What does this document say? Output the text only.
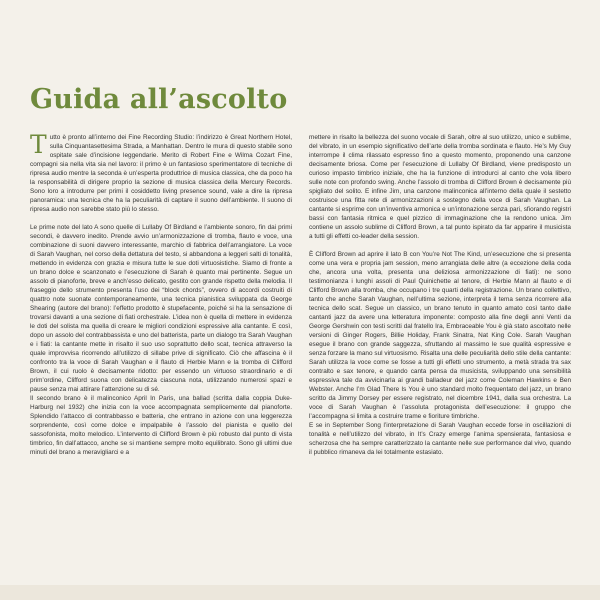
Guida all’ascolto

Tutto è pronto all’interno dei Fine Recording Studio: l’indirizzo è Great Northern Hotel, sulla Cinquantasettesima Strada, a Manhattan. Dentro le mura di questo stabile sono ospitate sale d’incisione leggendarie. Merito di Robert Fine e Wilma Cozart Fine, compagni sia nella vita sia nel lavoro: il primo è un fantasioso sperimentatore di tecniche di ripresa audio mentre la seconda è un’esperta produttrice di musica classica, che da poco ha la responsabilità di dirigere proprio la sezione di musica classica della Mercury Records. Sono loro a introdurre per primi il cosiddetto living presence sound, vale a dire la ripresa panoramica: una tecnica che ha la peculiarità di captare il suono dell’ambiente. Il suono di ripresa audio non sarebbe stato più lo stesso.

Le prime note del lato A sono quelle di Lullaby Of Birdland e l’ambiente sonoro, fin dai primi secondi, è davvero inedito. Prende avvio un’armonizzazione di tromba, flauto e voce, una combinazione di suoni davvero interessante, marchio di fabbrica dell’arrangiatore. La voce di Sarah Vaughan, nel corso della dettatura del testo, si abbandona a leggeri salti di tonalità, mettendo in evidenza con grazia e misura tutte le sue doti virtuosistiche. Siamo di fronte a un brano dolce e scanzonato e l’esecuzione di Sarah è quanto mai pertinente. Segue un assolo di pianoforte, breve e anch’esso delicato, gestito con grande rispetto della melodia. Il fraseggio dello strumento presenta l’uso dei “block chords”, ovvero di accordi costruiti di quattro note suonate contemporaneamente, una tecnica pianistica sviluppata da George Shearing (autore del brano): l’effetto prodotto è stupefacente, poiché si ha la sensazione di trovarsi davanti a una sezione di fiati orchestrale. L’idea non è quella di mettere in evidenza le doti del solista ma quella di creare le migliori condizioni espressive alla cantante. E così, dopo un assolo del contrabbassista e uno del batterista, parte un dialogo tra Sarah Vaughan e i fiati: la cantante mette in risalto il suo uso soprattutto dello scat, tecnica attraverso la quale improvvisa ricorrendo all’utilizzo di sillabe prive di significato. Ciò che affascina è il confronto tra la voce di Sarah Vaughan e il flauto di Herbie Mann e la tromba di Clifford Brown, il cui ruolo è decisamente ridotto: per essendo un virtuoso straordinario e di prim’ordine, Clifford suona con delicatezza ciascuna nota, utilizzando numerosi spazi e pause senza mai attirare l’attenzione su di sé.

Il secondo brano è il malinconico April In Paris, una ballad (scritta dalla coppia Duke-Harburg nel 1932) che inizia con la voce accompagnata semplicemente dal pianoforte. Splendido l’attacco di contrabbasso e batteria, che entrano in azione con una leggerezza sorprendente, così come dolce e impalpabile è l’assolo del pianista e quello del sassofonista, molto melodico. L’intervento di Clifford Brown è più robusto dal punto di vista timbrico, fin dall’attacco, anche se si mantiene sempre molto equilibrato. Sono gli ultimi due minuti del brano a meravigliarci e a

mettere in risalto la bellezza del suono vocale di Sarah, oltre al suo utilizzo, unico e sublime, del vibrato, in un esempio significativo dell’arte della tromba sordinata e flauto. He’s My Guy interrompe il clima rilassato espresso fino a questo momento, proponendo una canzone decisamente briosa. Come per l’esecuzione di Lullaby Of Birdland, viene predisposto un curioso impasto timbrico iniziale, che ha la funzione di introdurci al canto che vola libero sulle note con profondo swing. Anche l’assolo di tromba di Clifford Brown è decisamente più spigliato del solito. E infine Jim, una canzone malinconica all’interno della quale il sestetto costruisce una fitta rete di armonizzazioni a sostegno della voce di Sarah Vaughan. La cantante si esprime con un’inventiva armonica e un’intonazione senza pari, sfiorando registri bassi con fantasia ritmica e quel pizzico di immaginazione che la rendono unica. Jim contiene un assolo sublime di Clifford Brown, a tal punto ispirato da far apparire il musicista a tutti gli effetti co-leader della session.

È Clifford Brown ad aprire il lato B con You’re Not The Kind, un’esecuzione che si presenta come una vera e propria jam session, meno arrangiata delle altre (a eccezione della coda che, ancora una volta, presenta una deliziosa armonizzazione di fiati): ne sono testimonianza i lunghi assoli di Paul Quinichette al tenore, di Herbie Mann al flauto e di Clifford Brown alla tromba, che occupano i tre quarti della registrazione. Un brano collettivo, tanto che anche Sarah Vaughan, nell’ultima sezione, interpreta il tema senza ricorrere alla tecnica dello scat. Segue un classico, un brano tenuto in quanto amato così tanto dalle cantanti jazz da avere una letteratura imponente: composto alla fine degli anni Venti da George Gershwin con testi scritti dal fratello Ira, Embraceable You è già stato ascoltato nelle versioni di Ginger Rogers, Billie Holiday, Frank Sinatra, Nat King Cole. Sarah Vaughan esegue il brano con grande saggezza, sfruttando al massimo le sue qualità espressive e senza forzare la mano sul virtuosismo. Risalta una delle peculiarità dello stile della cantante: Sarah utilizza la voce come se fosse a tutti gli effetti uno strumento, a metà strada tra sax contralto e sax tenore, e quando canta pensa da musicista, sviluppando una sensibilità espressiva tale da avvicinarla ai grandi balladeur del jazz come Coleman Hawkins e Ben Webster. Anche I’m Glad There Is You è uno standard molto frequentato del jazz, un brano scritto da Jimmy Dorsey per essere registrato, nel dicembre 1941, dalla sua orchestra. La voce di Sarah Vaughan è l’assoluta protagonista dell’esecuzione: il gruppo che l’accompagna si limita a costruire trame e fioriture timbriche.

E se in September Song l’interpretazione di Sarah Vaughan eccede forse in oscillazioni di tonalità e nell’utilizzo del vibrato, in It’s Crazy emerge l’anima spensierata, fantasiosa e scherzosa che ha sempre caratterizzato la cantante nelle sue performance dal vivo, quando il pubblico rimaneva da lei totalmente estasiato.
